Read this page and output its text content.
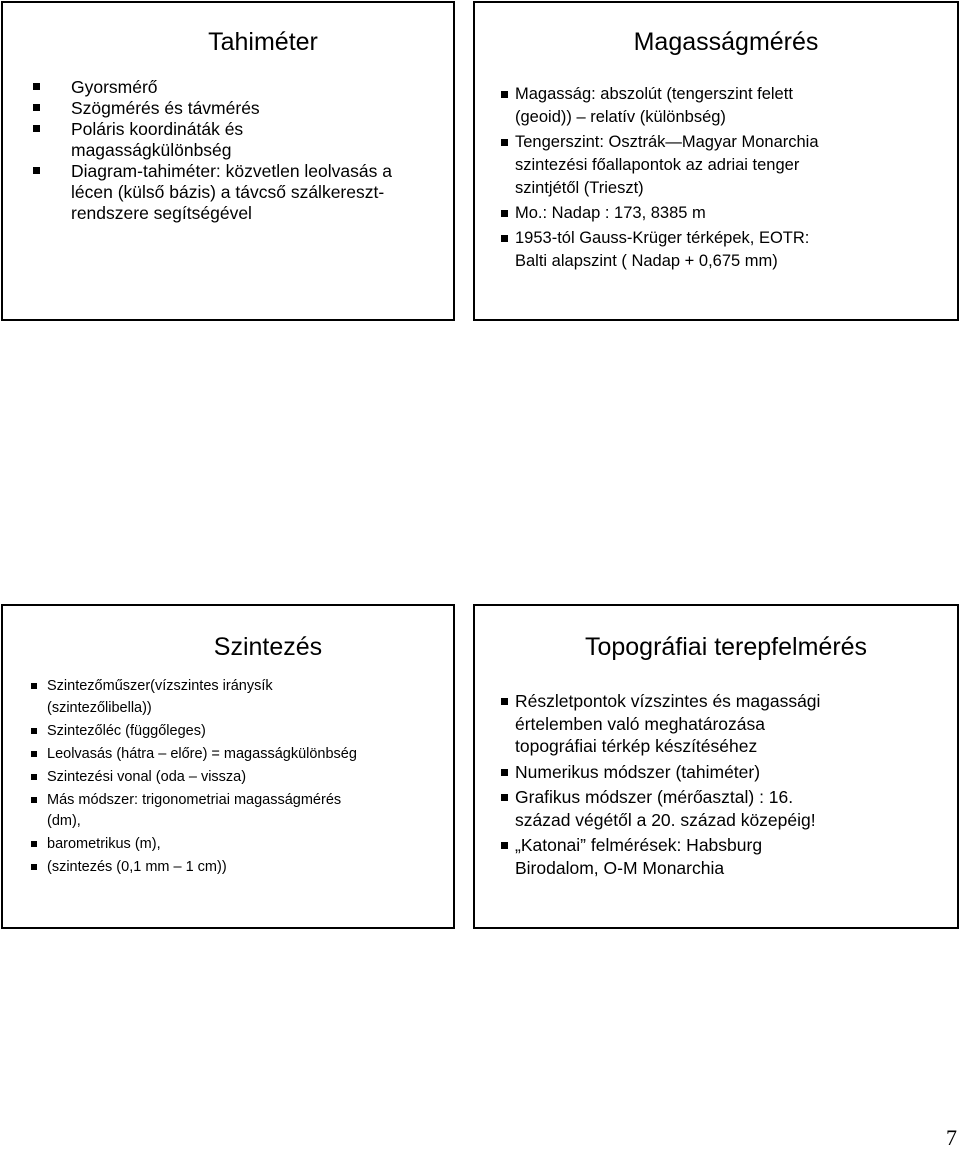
Tahiméter
Gyorsmérő
Szögmérés és távmérés
Poláris koordináták és
magasságkülönbség
Diagram-tahiméter: közvetlen leolvasás a
lécen (külső bázis) a távcső szálkereszt-
rendszere segítségével
Magasságmérés
Magasság: abszolút (tengerszint felett
(geoid)) – relatív (különbség)
Tengerszint: Osztrák—Magyar Monarchia
szintezési főallapontok az adriai tenger
szintjétől (Trieszt)
Mo.: Nadap : 173, 8385 m
1953-tól Gauss-Krüger térképek, EOTR:
Balti alapszint ( Nadap + 0,675 mm)
Szintezés
Szintezőműszer(vízszintes iránysík
(szintezőlibella))
Szintezőléc (függőleges)
Leolvasás (hátra – előre) = magasságkülönbség
Szintezési vonal (oda – vissza)
Más módszer: trigonometriai magasságmérés
(dm),
barometrikus (m),
(szintezés (0,1 mm – 1 cm))
Topográfiai terepfelmérés
Részletpontok vízszintes és magassági
értelemben való meghatározása
topográfiai térkép készítéséhez
Numerikus módszer (tahiméter)
Grafikus módszer (mérőasztal) : 16.
század végétől a 20. század közepéig!
„Katonai” felmérések: Habsburg
Birodalom, O-M Monarchia
7
